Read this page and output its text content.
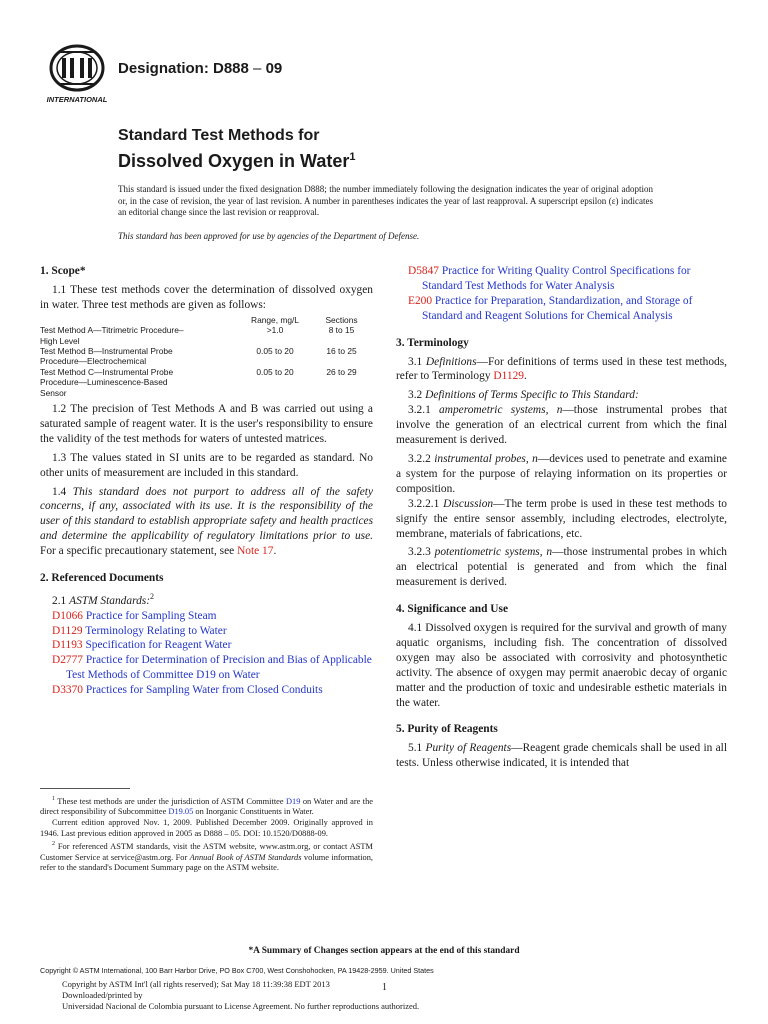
INTERNATIONAL
Designation: D888 – 09
Standard Test Methods for
Dissolved Oxygen in Water$^1$
This standard is issued under the fixed designation D888; the number immediately following the designation indicates the year of original adoption or, in the case of revision, the year of last revision. A number in parentheses indicates the year of last reapproval. A superscript epsilon (ε) indicates an editorial change since the last revision or reapproval.
This standard has been approved for use by agencies of the Department of Defense.

1. Scope*

1.1 These test methods cover the determination of dissolved oxygen in water. Three test methods are given as follows:

	Range, mg/L	Sections
Test Method A—Titrimetric Procedure–High Level	>1.0	8 to 15
Test Method B—Instrumental Probe Procedure—Electrochemical	0.05 to 20	16 to 25
Test Method C—Instrumental Probe Procedure—Luminescence-Based Sensor	0.05 to 20	26 to 29

1.2 The precision of Test Methods A and B was carried out using a saturated sample of reagent water. It is the user's responsibility to ensure the validity of the test methods for waters of untested matrices.

1.3 The values stated in SI units are to be regarded as standard. No other units of measurement are included in this standard.

1.4 This standard does not purport to address all of the safety concerns, if any, associated with its use. It is the responsibility of the user of this standard to establish appropriate safety and health practices and determine the applicability of regulatory limitations prior to use. For a specific precautionary statement, see Note 17.

2. Referenced Documents

2.1 ASTM Standards:$^2$

D1066 Practice for Sampling Steam

D1129 Terminology Relating to Water

D1193 Specification for Reagent Water

D2777 Practice for Determination of Precision and Bias of Applicable Test Methods of Committee D19 on Water

D3370 Practices for Sampling Water from Closed Conduits

$^1$ These test methods are under the jurisdiction of ASTM Committee D19 on Water and are the direct responsibility of Subcommittee D19.05 on Inorganic Constituents in Water.

Current edition approved Nov. 1, 2009. Published December 2009. Originally approved in 1946. Last previous edition approved in 2005 as D888 – 05. DOI: 10.1520/D0888-09.

$^2$ For referenced ASTM standards, visit the ASTM website, www.astm.org, or contact ASTM Customer Service at service@astm.org. For Annual Book of ASTM Standards volume information, refer to the standard's Document Summary page on the ASTM website.

D5847 Practice for Writing Quality Control Specifications for Standard Test Methods for Water Analysis

E200 Practice for Preparation, Standardization, and Storage of Standard and Reagent Solutions for Chemical Analysis

3. Terminology

3.1 Definitions—For definitions of terms used in these test methods, refer to Terminology D1129.

3.2 Definitions of Terms Specific to This Standard:

3.2.1 amperometric systems, n—those instrumental probes that involve the generation of an electrical current from which the final measurement is derived.

3.2.2 instrumental probes, n—devices used to penetrate and examine a system for the purpose of relaying information on its properties or composition.

3.2.2.1 Discussion—The term probe is used in these test methods to signify the entire sensor assembly, including electrodes, electrolyte, membrane, materials of fabrications, etc.

3.2.3 potentiometric systems, n—those instrumental probes in which an electrical potential is generated and from which the final measurement is derived.

4. Significance and Use

4.1 Dissolved oxygen is required for the survival and growth of many aquatic organisms, including fish. The concentration of dissolved oxygen may also be associated with corrosivity and photosynthetic activity. The absence of oxygen may permit anaerobic decay of organic matter and the production of toxic and undesirable esthetic materials in the water.

5. Purity of Reagents

5.1 Purity of Reagents—Reagent grade chemicals shall be used in all tests. Unless otherwise indicated, it is intended that

*A Summary of Changes section appears at the end of this standard
Copyright © ASTM International, 100 Barr Harbor Drive, PO Box C700, West Conshohocken, PA 19428-2959. United States
Copyright by ASTM Int'l (all rights reserved); Sat May 18 11:39:38 EDT 2013
Downloaded/printed by
Universidad Nacional de Colombia pursuant to License Agreement. No further reproductions authorized.
1
